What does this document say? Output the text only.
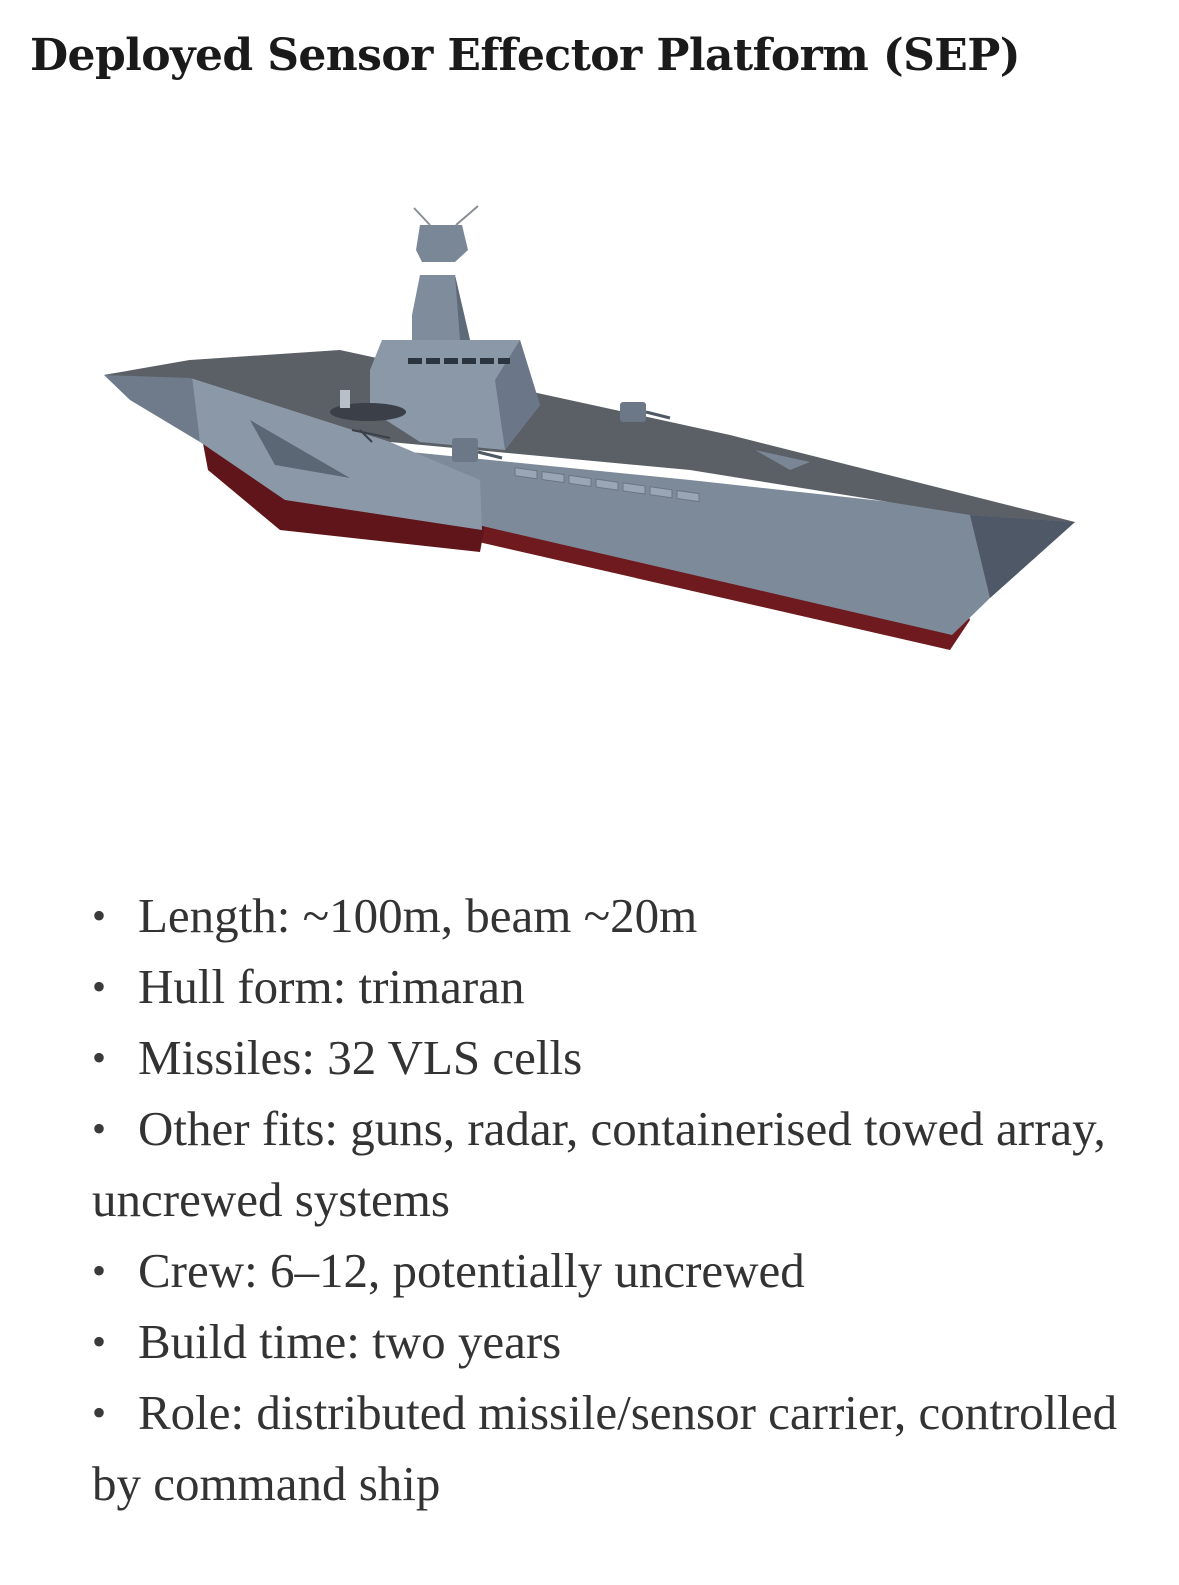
Deployed Sensor Effector Platform (SEP)
• Length: ~100m, beam ~20m
• Hull form: trimaran
• Missiles: 32 VLS cells
• Other fits: guns, radar, containerised towed array, uncrewed systems
• Crew: 6–12, potentially uncrewed
• Build time: two years
• Role: distributed missile/sensor carrier, controlled by command ship
